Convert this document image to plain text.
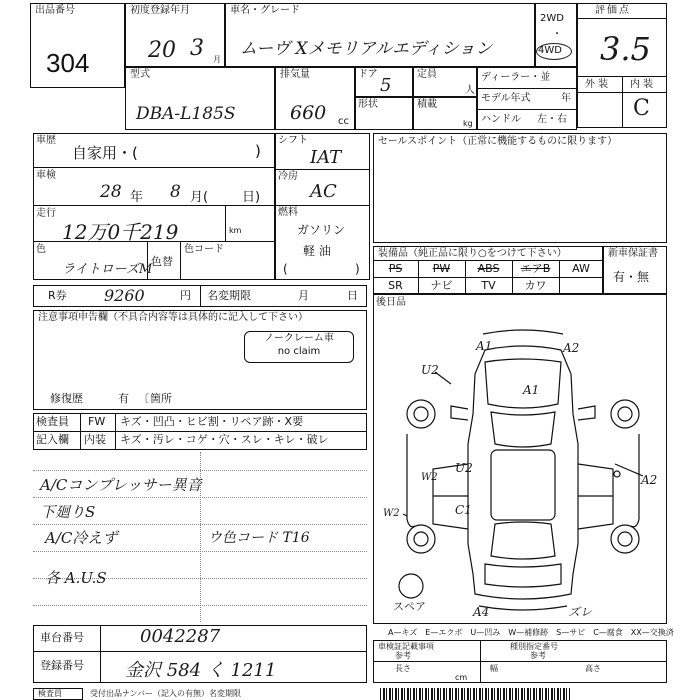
出品番号
304
初度登録年月
20 3 月
車名・グレード
ムーヴ Xメモリアルエディション
2WD
・
4WD
評価点
3.5
外 装 内 装
C
型式
DBA-L185S
排気量
660 cc
ドア
5
定員
人
形状	積載
kg
ディーラー・並
モデル年式	年
ハンドル 左・右
車歴
自家用・(	)
車検
28 年 8 月(	日)
走行
12万0千219	km
色
ライトローズM
色替
色コード
シフト
IAT
冷房
AC
燃料
ガソリン
軽 油
(	)
セールスポイント（正常に機能するものに限ります）
装備品（純正品に限り○をつけて下さい）
PS	PW	ABS	エアB	AW
SR	ナビ	TV	カワ
新車保証書
有・無
R券 9260	円 名変期限	月	日
後日品
注意事項申告欄（不具合内容等は具体的に記入して下さい）
ノークレーム車
no claim
修復歴	有 〔 箇所
検査員 FW キズ・凹凸・ヒビ割・リペア跡・X要
記入欄 内装 キズ・汚レ・コゲ・穴・スレ・キレ・破レ
A/Cコンプレッサー異音
下廻りS
A/C冷えず
各 A.U.S
ウ色コード T16
A1	A2
U2
A1
U2
C1
W2
W2
A2
スペア	A4	ズレ
車台番号	0042287
登録番号 金沢 584 く 1211
A—キズ　E—エクボ　U—凹み　W—補修跡　S—サビ　C—腐食　XX—交換済
車検証記載事項
参考
種別指定番号
参考
長さ	幅	高さ
cm
検査員	受付出品ナンバー（記入の有無）名変期限
